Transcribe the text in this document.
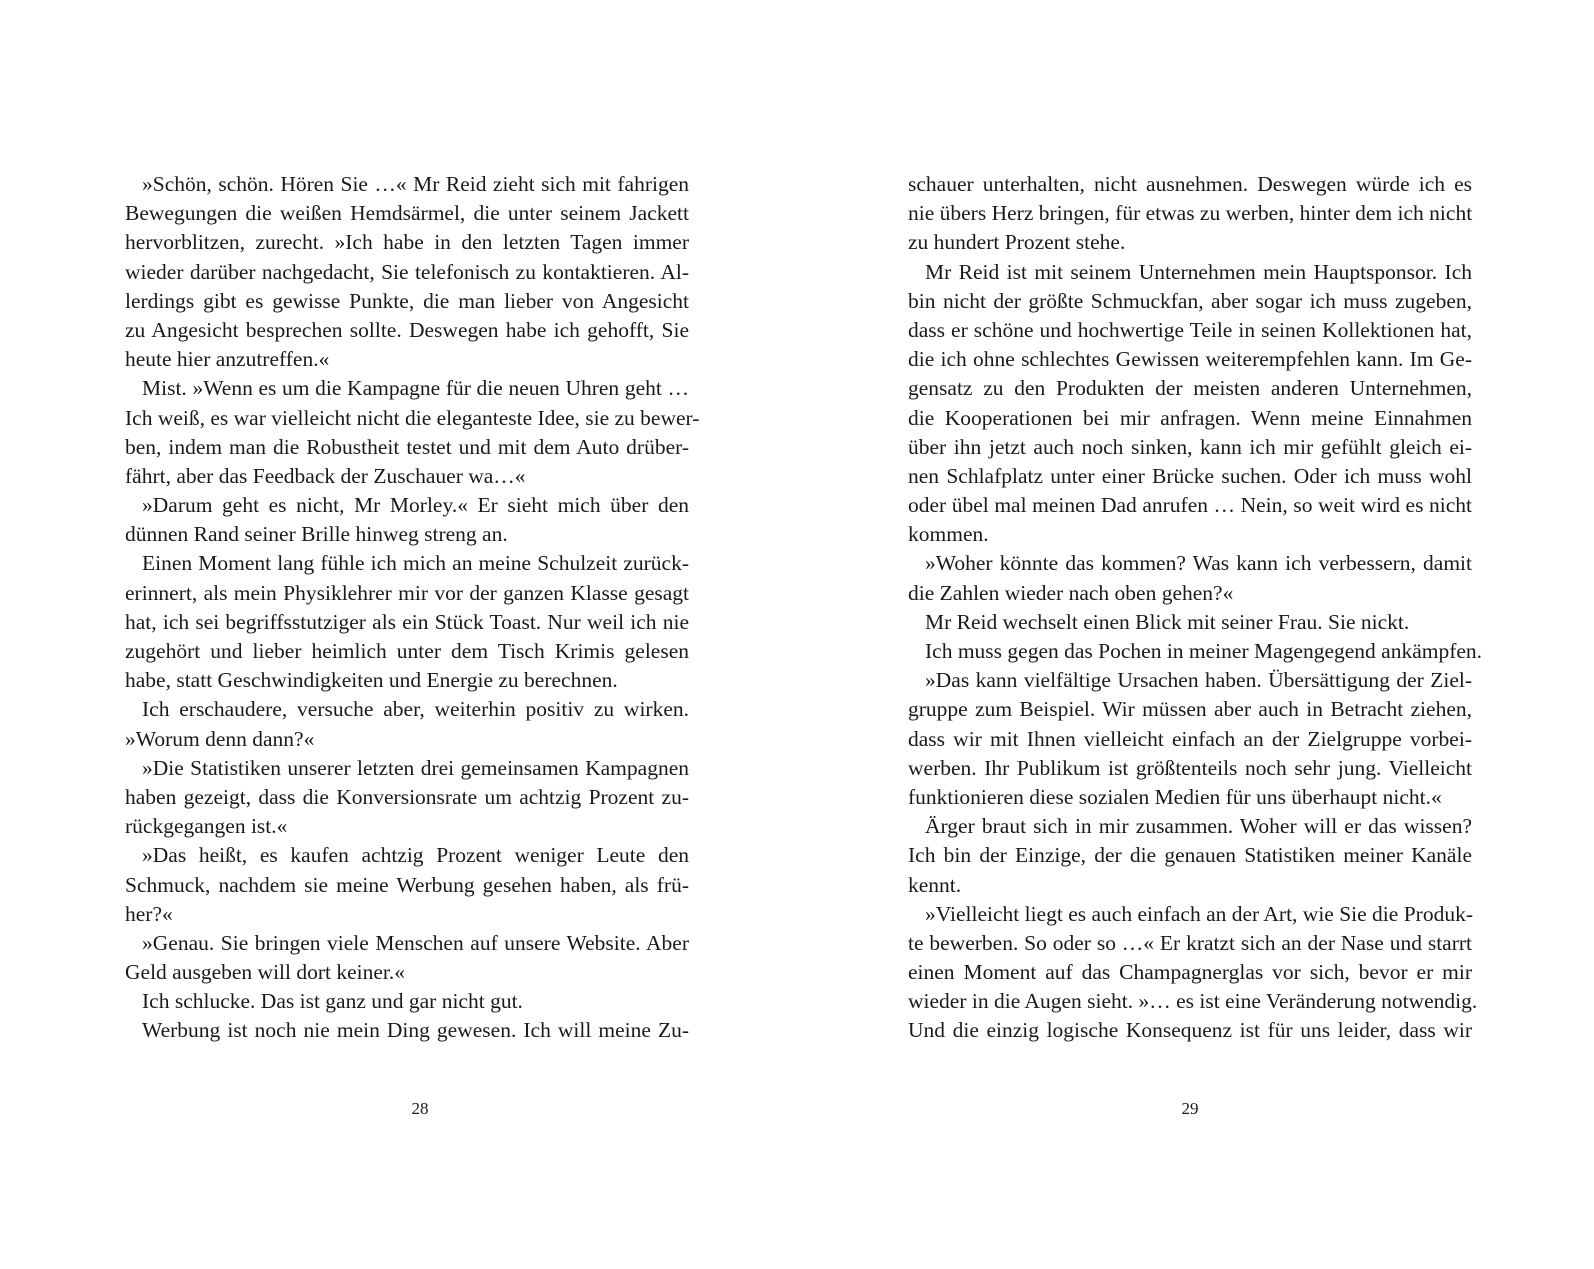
»Schön, schön. Hören Sie …« Mr Reid zieht sich mit fahrigen
Bewegungen die weißen Hemdsärmel, die unter seinem Jackett
hervorblitzen, zurecht. »Ich habe in den letzten Tagen immer
wieder darüber nachgedacht, Sie telefonisch zu kontaktieren. Al-
lerdings gibt es gewisse Punkte, die man lieber von Angesicht
zu Angesicht besprechen sollte. Deswegen habe ich gehofft, Sie
heute hier anzutreffen.«
Mist. »Wenn es um die Kampagne für die neuen Uhren geht …
Ich weiß, es war vielleicht nicht die eleganteste Idee, sie zu bewer-
ben, indem man die Robustheit testet und mit dem Auto drüber-
fährt, aber das Feedback der Zuschauer wa…«
»Darum geht es nicht, Mr Morley.« Er sieht mich über den
dünnen Rand seiner Brille hinweg streng an.
Einen Moment lang fühle ich mich an meine Schulzeit zurück-
erinnert, als mein Physiklehrer mir vor der ganzen Klasse gesagt
hat, ich sei begriffsstutziger als ein Stück Toast. Nur weil ich nie
zugehört und lieber heimlich unter dem Tisch Krimis gelesen
habe, statt Geschwindigkeiten und Energie zu berechnen.
Ich erschaudere, versuche aber, weiterhin positiv zu wirken.
»Worum denn dann?«
»Die Statistiken unserer letzten drei gemeinsamen Kampagnen
haben gezeigt, dass die Konversionsrate um achtzig Prozent zu-
rückgegangen ist.«
»Das heißt, es kaufen achtzig Prozent weniger Leute den
Schmuck, nachdem sie meine Werbung gesehen haben, als frü-
her?«
»Genau. Sie bringen viele Menschen auf unsere Website. Aber
Geld ausgeben will dort keiner.«
Ich schlucke. Das ist ganz und gar nicht gut.
Werbung ist noch nie mein Ding gewesen. Ich will meine Zu-
28
schauer unterhalten, nicht ausnehmen. Deswegen würde ich es
nie übers Herz bringen, für etwas zu werben, hinter dem ich nicht
zu hundert Prozent stehe.
Mr Reid ist mit seinem Unternehmen mein Hauptsponsor. Ich
bin nicht der größte Schmuckfan, aber sogar ich muss zugeben,
dass er schöne und hochwertige Teile in seinen Kollektionen hat,
die ich ohne schlechtes Gewissen weiterempfehlen kann. Im Ge-
gensatz zu den Produkten der meisten anderen Unternehmen,
die Kooperationen bei mir anfragen. Wenn meine Einnahmen
über ihn jetzt auch noch sinken, kann ich mir gefühlt gleich ei-
nen Schlafplatz unter einer Brücke suchen. Oder ich muss wohl
oder übel mal meinen Dad anrufen … Nein, so weit wird es nicht
kommen.
»Woher könnte das kommen? Was kann ich verbessern, damit
die Zahlen wieder nach oben gehen?«
Mr Reid wechselt einen Blick mit seiner Frau. Sie nickt.
Ich muss gegen das Pochen in meiner Magengegend ankämpfen.
»Das kann vielfältige Ursachen haben. Übersättigung der Ziel-
gruppe zum Beispiel. Wir müssen aber auch in Betracht ziehen,
dass wir mit Ihnen vielleicht einfach an der Zielgruppe vorbei-
werben. Ihr Publikum ist größtenteils noch sehr jung. Vielleicht
funktionieren diese sozialen Medien für uns überhaupt nicht.«
Ärger braut sich in mir zusammen. Woher will er das wissen?
Ich bin der Einzige, der die genauen Statistiken meiner Kanäle
kennt.
»Vielleicht liegt es auch einfach an der Art, wie Sie die Produk-
te bewerben. So oder so …« Er kratzt sich an der Nase und starrt
einen Moment auf das Champagnerglas vor sich, bevor er mir
wieder in die Augen sieht. »… es ist eine Veränderung notwendig.
Und die einzig logische Konsequenz ist für uns leider, dass wir
29
